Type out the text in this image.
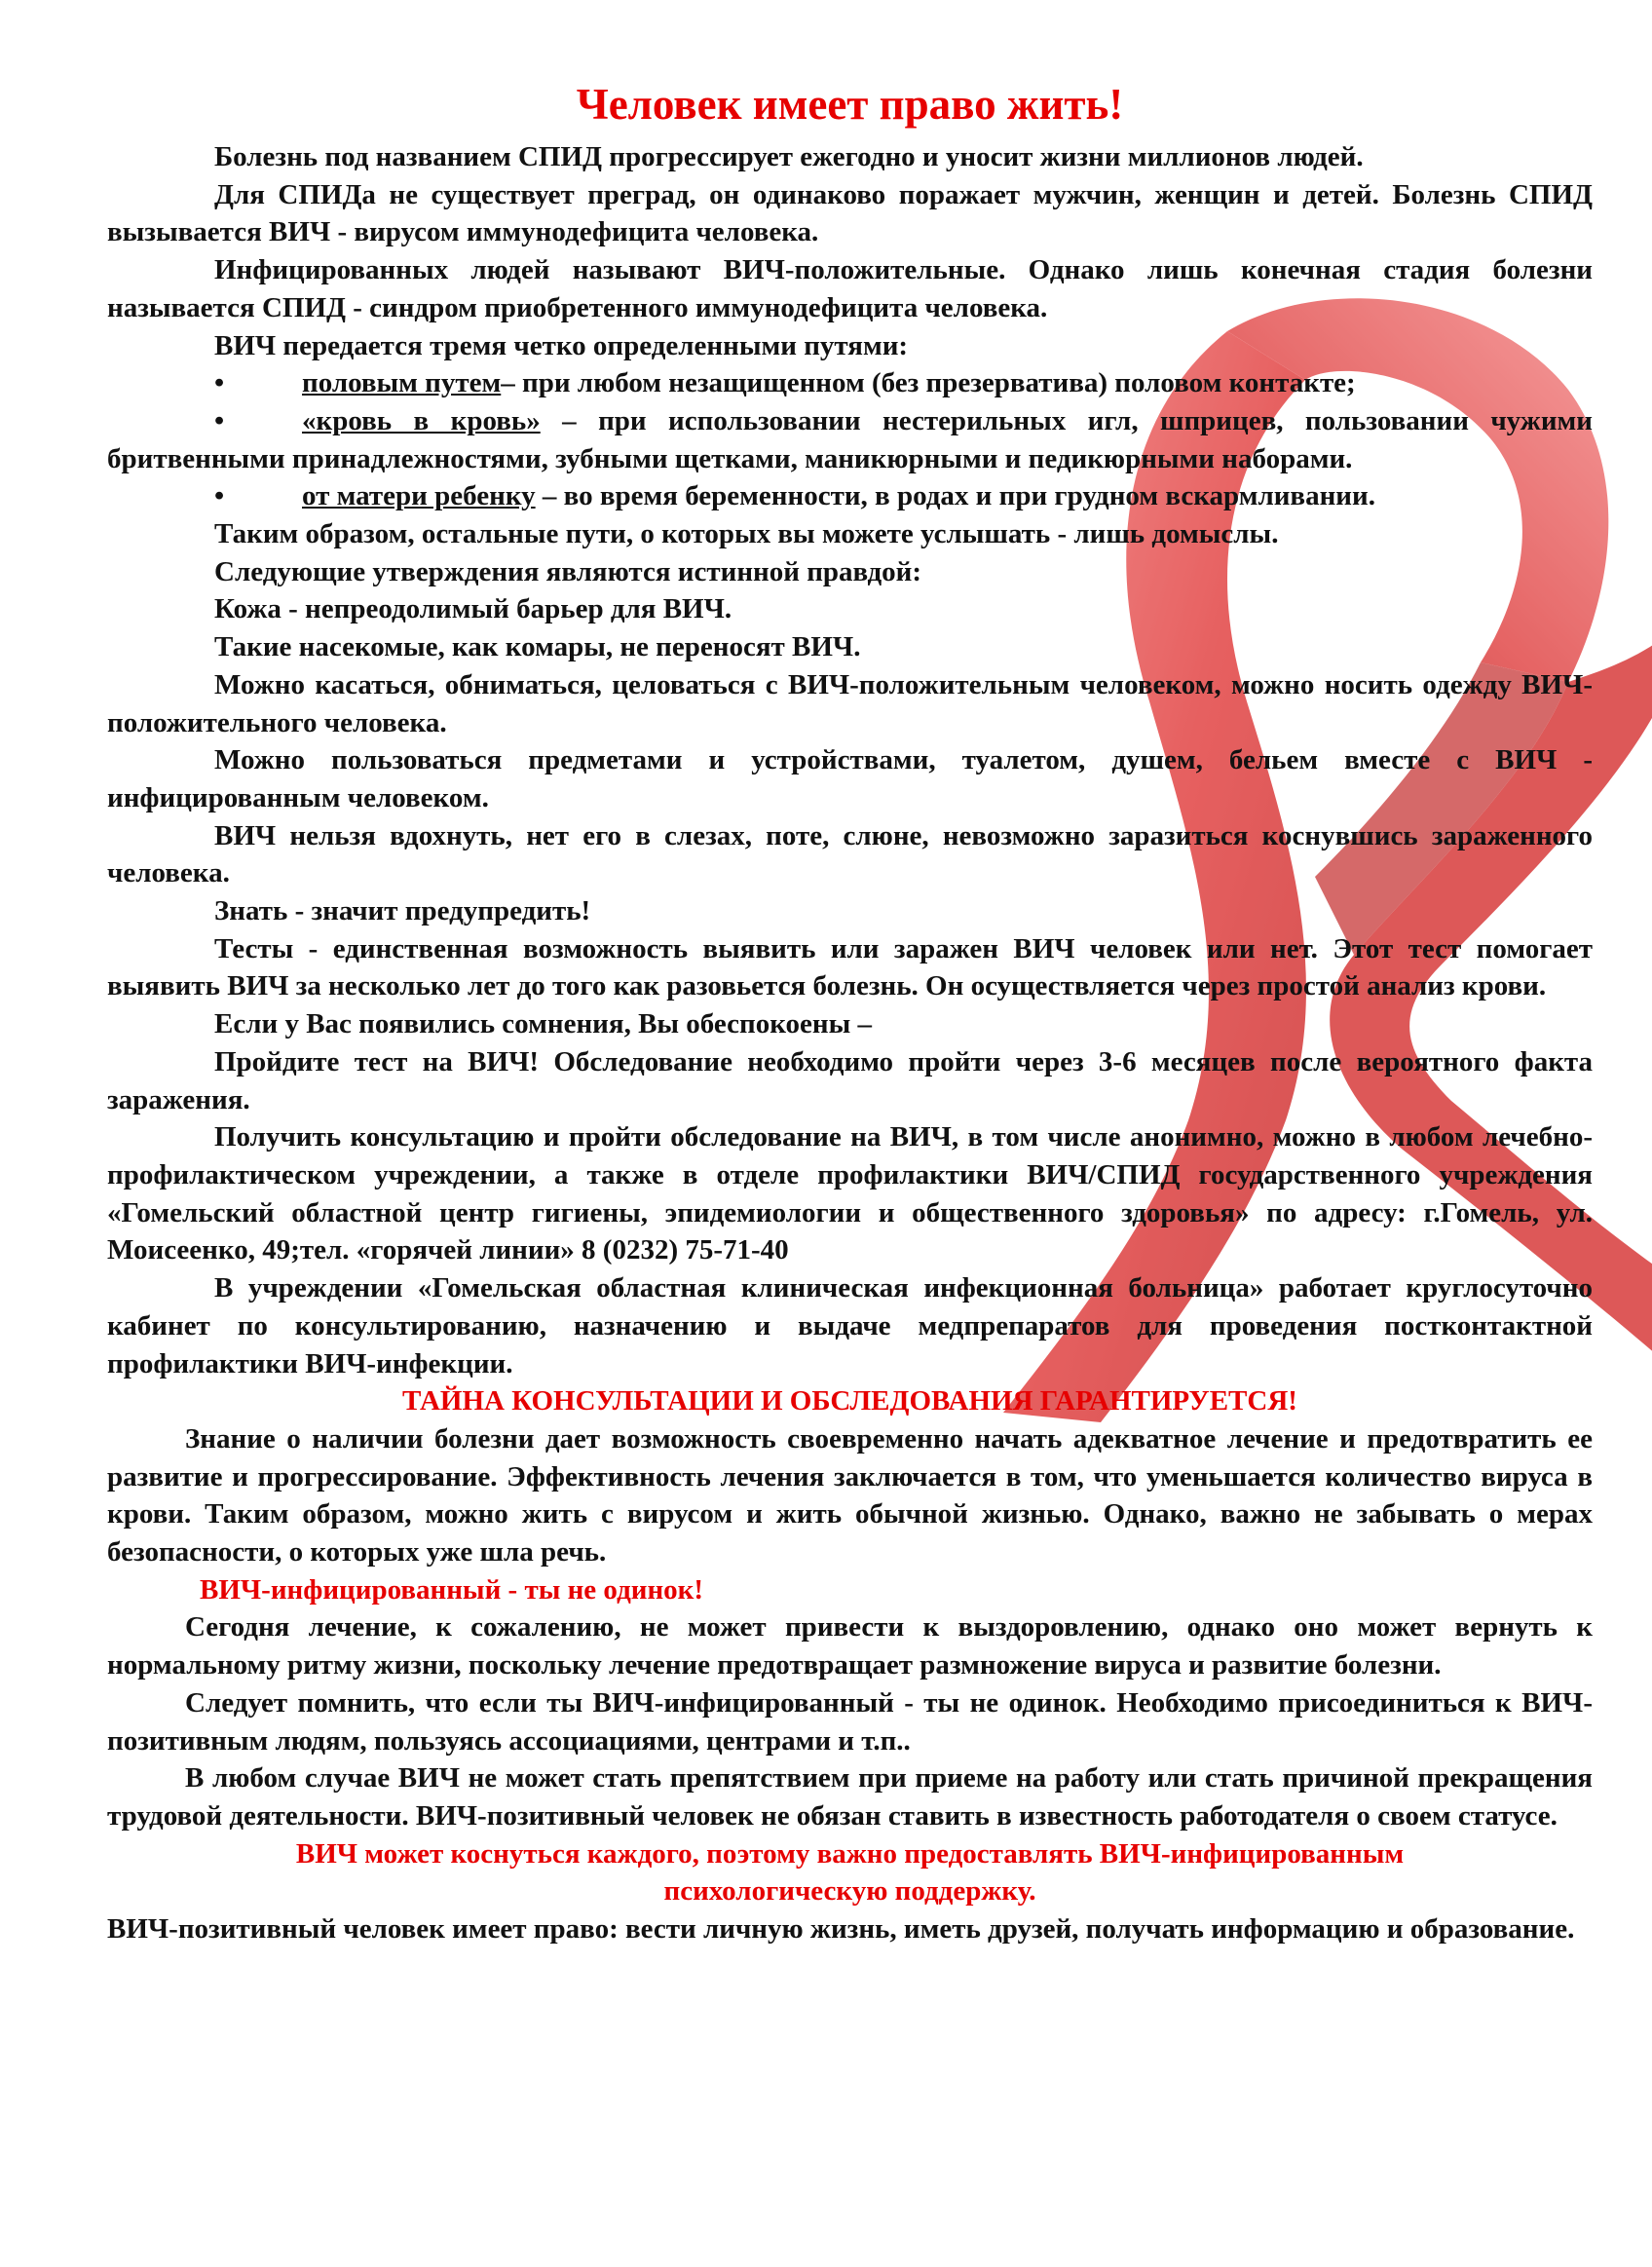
Человек имеет право жить!

Болезнь под названием СПИД прогрессирует ежегодно и уносит жизни миллионов людей.

Для СПИДа не существует преград, он одинаково поражает мужчин, женщин и детей. Болезнь СПИД вызывается ВИЧ - вирусом иммунодефицита человека.

Инфицированных людей называют ВИЧ-положительные. Однако лишь конечная стадия болезни называется СПИД - синдром приобретенного иммунодефицита человека.

ВИЧ передается тремя четко определенными путями:

•	половым путем– при любом незащищенном (без презерватива) половом контакте;
•	«кровь в кровь» – при использовании нестерильных игл, шприцев, пользовании чужими бритвенными принадлежностями, зубными щетками, маникюрными и педикюрными наборами.
•	от матери ребенку – во время беременности, в родах и при грудном вскармливании.

Таким образом, остальные пути, о которых вы можете услышать - лишь домыслы.

Следующие утверждения являются истинной правдой:

Кожа - непреодолимый барьер для ВИЧ.

Такие насекомые, как комары, не переносят ВИЧ.

Можно касаться, обниматься, целоваться с ВИЧ-положительным человеком, можно носить одежду ВИЧ-положительного человека.

Можно пользоваться предметами и устройствами, туалетом, душем, бельем вместе с ВИЧ - инфицированным человеком.

ВИЧ нельзя вдохнуть, нет его в слезах, поте, слюне, невозможно заразиться коснувшись зараженного человека.

Знать - значит предупредить!

Тесты - единственная возможность выявить или заражен ВИЧ человек или нет. Этот тест помогает выявить ВИЧ за несколько лет до того как разовьется болезнь. Он осуществляется через простой анализ крови.

Если у Вас появились сомнения, Вы обеспокоены –

Пройдите тест на ВИЧ! Обследование необходимо пройти через 3-6 месяцев после вероятного факта заражения.

Получить консультацию и пройти обследование на ВИЧ, в том числе анонимно, можно в любом лечебно-профилактическом учреждении, а также в отделе профилактики ВИЧ/СПИД государственного учреждения «Гомельский областной центр гигиены, эпидемиологии и общественного здоровья» по адресу: г.Гомель, ул. Моисеенко, 49;тел. «горячей линии» 8 (0232) 75-71-40

В учреждении «Гомельская областная клиническая инфекционная больница» работает круглосуточно кабинет по консультированию, назначению и выдаче медпрепаратов для проведения постконтактной профилактики ВИЧ-инфекции.

ТАЙНА КОНСУЛЬТАЦИИ И ОБСЛЕДОВАНИЯ ГАРАНТИРУЕТСЯ!

Знание о наличии болезни дает возможность своевременно начать адекватное лечение и предотвратить ее развитие и прогрессирование. Эффективность лечения заключается в том, что уменьшается количество вируса в крови. Таким образом, можно жить с вирусом и жить обычной жизнью. Однако, важно не забывать о мерах безопасности, о которых уже шла речь.

ВИЧ-инфицированный - ты не одинок!

Сегодня лечение, к сожалению, не может привести к выздоровлению, однако оно может вернуть к нормальному ритму жизни, поскольку лечение предотвращает размножение вируса и развитие болезни.

Следует помнить, что если ты ВИЧ-инфицированный - ты не одинок. Необходимо присоединиться к ВИЧ-позитивным людям, пользуясь ассоциациями, центрами и т.п..

В любом случае ВИЧ не может стать препятствием при приеме на работу или стать причиной прекращения трудовой деятельности. ВИЧ-позитивный человек не обязан ставить в известность работодателя о своем статусе.

ВИЧ может коснуться каждого, поэтому важно предоставлять ВИЧ-инфицированным

психологическую поддержку.

ВИЧ-позитивный человек имеет право: вести личную жизнь, иметь друзей, получать информацию и образование.
